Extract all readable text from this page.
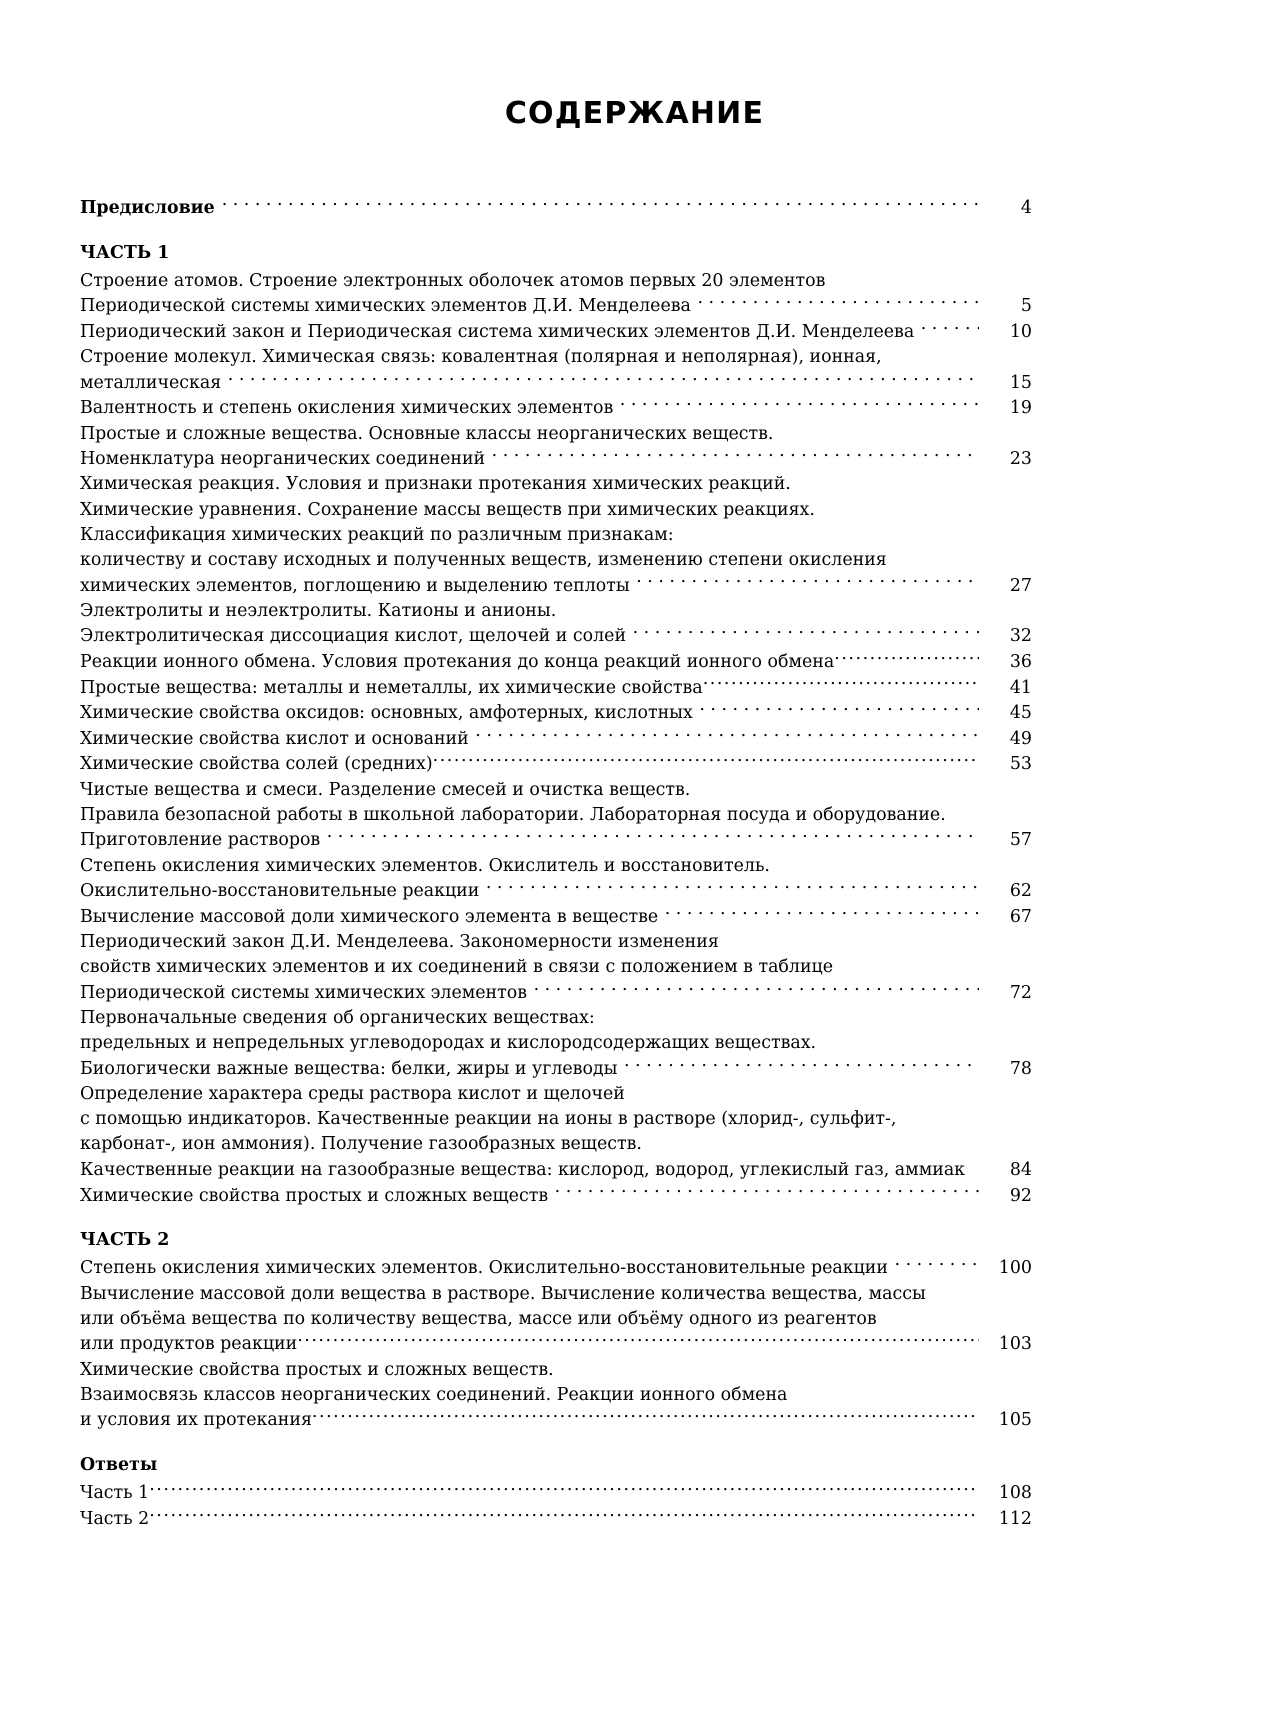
СОДЕРЖАНИЕ
Предисловие . . .	4
ЧАСТЬ 1
Строение атомов. Строение электронных оболочек атомов первых 20 элементов
Периодической системы химических элементов Д.И. Менделеева . . .	5
Периодический закон и Периодическая система химических элементов Д.И. Менделеева . . .	10
Строение молекул. Химическая связь: ковалентная (полярная и неполярная), ионная,
металлическая . . .	15
Валентность и степень окисления химических элементов . . .	19
Простые и сложные вещества. Основные классы неорганических веществ.
Номенклатура неорганических соединений . . .	23
Химическая реакция. Условия и признаки протекания химических реакций.
Химические уравнения. Сохранение массы веществ при химических реакциях.
Классификация химических реакций по различным признакам:
количеству и составу исходных и полученных веществ, изменению степени окисления
химических элементов, поглощению и выделению теплоты . . .	27
Электролиты и неэлектролиты. Катионы и анионы.
Электролитическая диссоциация кислот, щелочей и солей . . .	32
Реакции ионного обмена. Условия протекания до конца реакций ионного обмена .....	36
Простые вещества: металлы и неметаллы, их химические свойства .....	41
Химические свойства оксидов: основных, амфотерных, кислотных . . .	45
Химические свойства кислот и оснований . . .	49
Химические свойства солей (средних) .....	53
Чистые вещества и смеси. Разделение смесей и очистка веществ.
Правила безопасной работы в школьной лаборатории. Лабораторная посуда и оборудование.
Приготовление растворов . . .	57
Степень окисления химических элементов. Окислитель и восстановитель.
Окислительно-восстановительные реакции . . .	62
Вычисление массовой доли химического элемента в веществе . . .	67
Периодический закон Д.И. Менделеева. Закономерности изменения
свойств химических элементов и их соединений в связи с положением в таблице
Периодической системы химических элементов . . .	72
Первоначальные сведения об органических веществах:
предельных и непредельных углеводородах и кислородсодержащих веществах.
Биологически важные вещества: белки, жиры и углеводы . . .	78
Определение характера среды раствора кислот и щелочей
с помощью индикаторов. Качественные реакции на ионы в растворе (хлорид-, сульфит-,
карбонат-, ион аммония). Получение газообразных веществ.
Качественные реакции на газообразные вещества: кислород, водород, углекислый газ, аммиак	84
Химические свойства простых и сложных веществ . . .	92
ЧАСТЬ 2
Степень окисления химических элементов. Окислительно-восстановительные реакции . . .	100
Вычисление массовой доли вещества в растворе. Вычисление количества вещества, массы
или объёма вещества по количеству вещества, массе или объёму одного из реагентов
или продуктов реакции .....	103
Химические свойства простых и сложных веществ.
Взаимосвязь классов неорганических соединений. Реакции ионного обмена
и условия их протекания .....	105
Ответы
Часть 1 .....	108
Часть 2 .....	112
